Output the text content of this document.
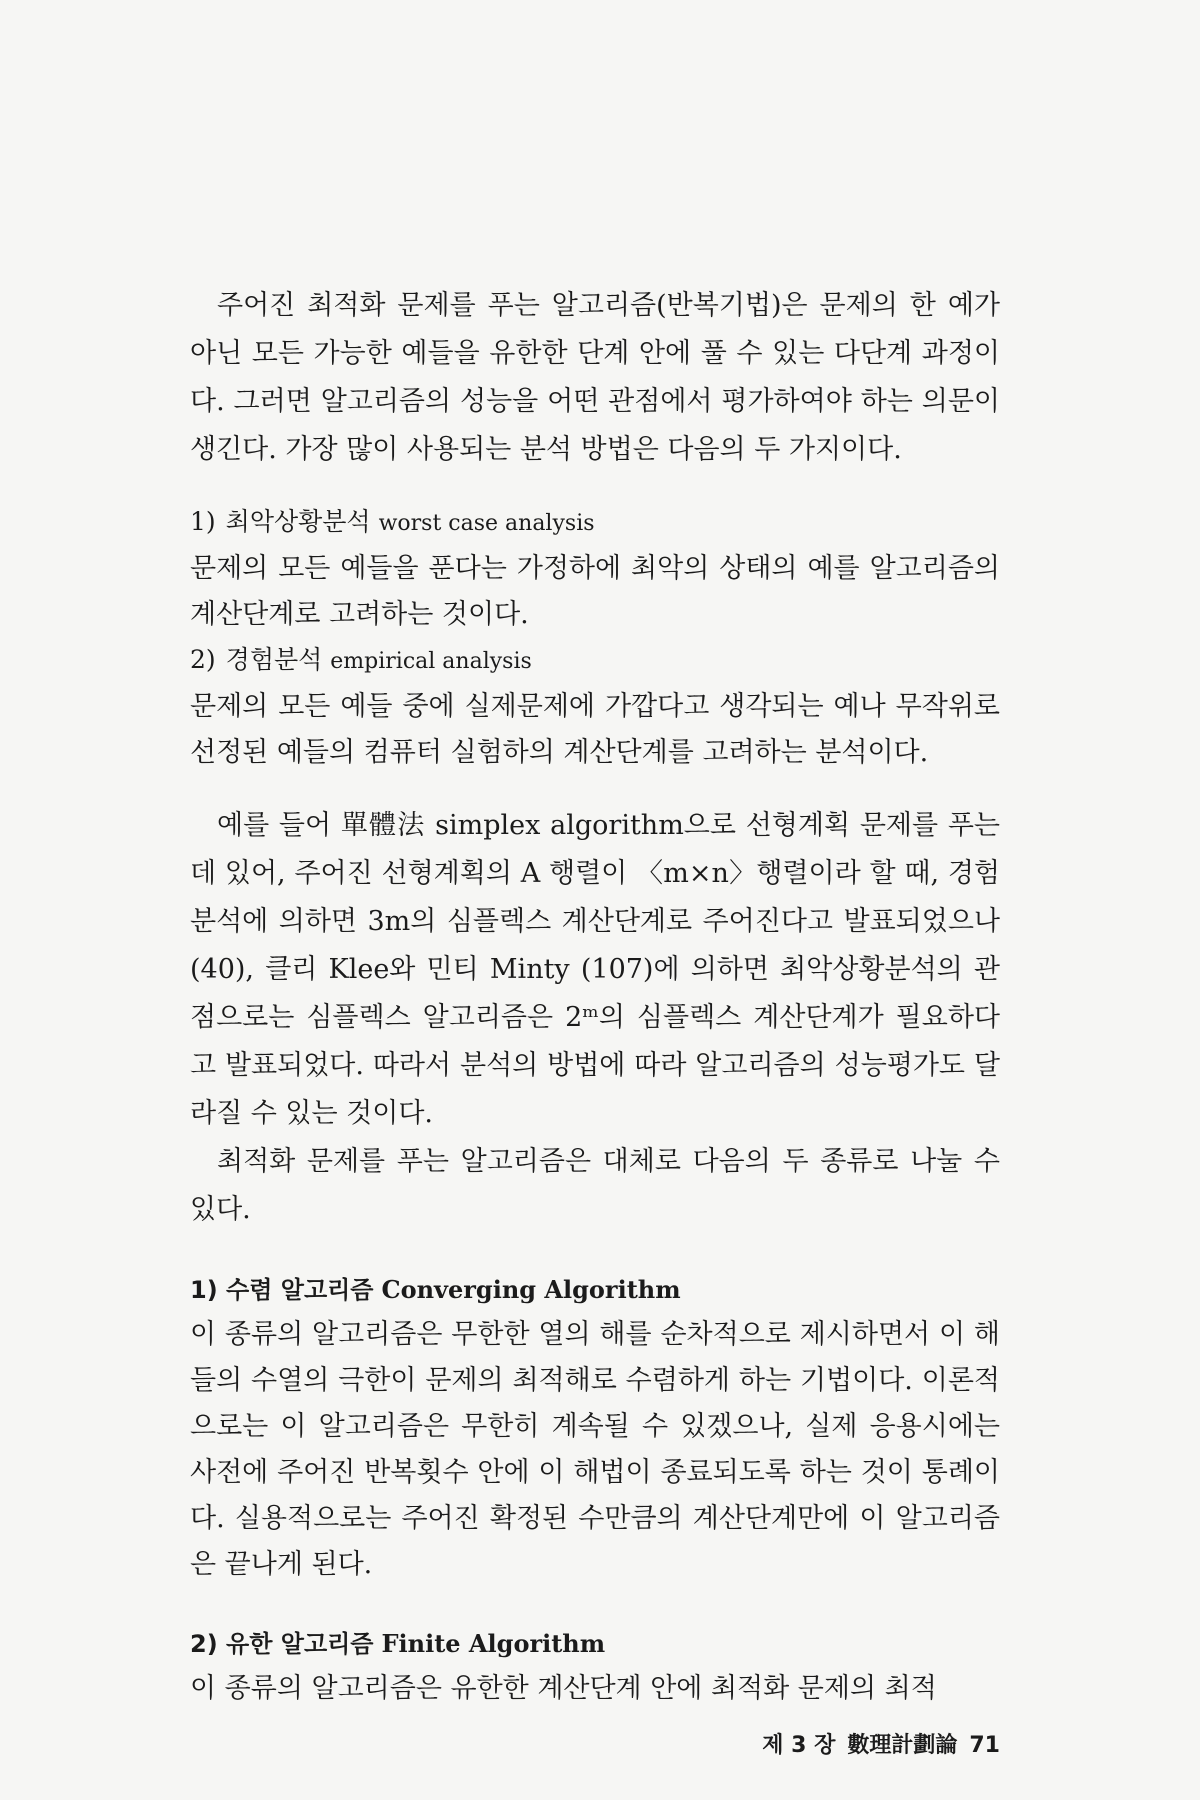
주어진 최적화 문제를 푸는 알고리즘(반복기법)은 문제의 한 예가 아닌 모든 가능한 예들을 유한한 단계 안에 풀 수 있는 다단계 과정이다. 그러면 알고리즘의 성능을 어떤 관점에서 평가하여야 하는 의문이 생긴다. 가장 많이 사용되는 분석 방법은 다음의 두 가지이다.

1) 최악상황분석 worst case analysis

문제의 모든 예들을 푼다는 가정하에 최악의 상태의 예를 알고리즘의 계산단계로 고려하는 것이다.

2) 경험분석 empirical analysis

문제의 모든 예들 중에 실제문제에 가깝다고 생각되는 예나 무작위로 선정된 예들의 컴퓨터 실험하의 계산단계를 고려하는 분석이다.

예를 들어 單體法 simplex algorithm으로 선형계획 문제를 푸는 데 있어, 주어진 선형계획의 A 행렬이 〈m×n〉행렬이라 할 때, 경험분석에 의하면 3m의 심플렉스 계산단계로 주어진다고 발표되었으나(40), 클리 Klee와 민티 Minty (107)에 의하면 최악상황분석의 관점으로는 심플렉스 알고리즘은 2ᵐ의 심플렉스 계산단계가 필요하다고 발표되었다. 따라서 분석의 방법에 따라 알고리즘의 성능평가도 달라질 수 있는 것이다.

최적화 문제를 푸는 알고리즘은 대체로 다음의 두 종류로 나눌 수 있다.

1) 수렴 알고리즘 Converging Algorithm

이 종류의 알고리즘은 무한한 열의 해를 순차적으로 제시하면서 이 해들의 수열의 극한이 문제의 최적해로 수렴하게 하는 기법이다. 이론적으로는 이 알고리즘은 무한히 계속될 수 있겠으나, 실제 응용시에는 사전에 주어진 반복횟수 안에 이 해법이 종료되도록 하는 것이 통례이다. 실용적으로는 주어진 확정된 수만큼의 계산단계만에 이 알고리즘은 끝나게 된다.

2) 유한 알고리즘 Finite Algorithm

이 종류의 알고리즘은 유한한 계산단계 안에 최적화 문제의 최적

제 3 장 數理計劃論 71
